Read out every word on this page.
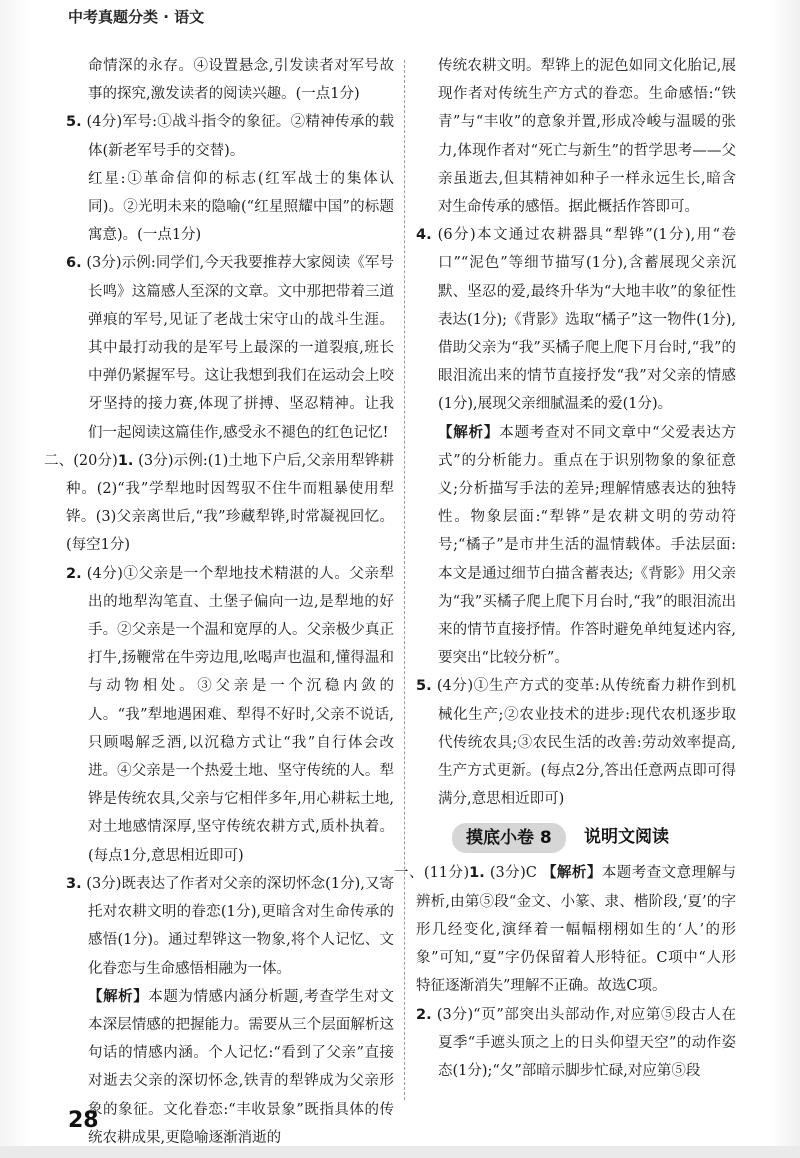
中考真题分类 · 语文

命情深的永存。④设置悬念,引发读者对军号故事的探究,激发读者的阅读兴趣。(一点1分)

5. (4分)军号:①战斗指令的象征。②精神传承的载体(新老军号手的交替)。

红星:①革命信仰的标志(红军战士的集体认同)。②光明未来的隐喻(“红星照耀中国”的标题寓意)。(一点1分)

6. (3分)示例:同学们,今天我要推荐大家阅读《军号长鸣》这篇感人至深的文章。文中那把带着三道弹痕的军号,见证了老战士宋守山的战斗生涯。其中最打动我的是军号上最深的一道裂痕,班长中弹仍紧握军号。这让我想到我们在运动会上咬牙坚持的接力赛,体现了拼搏、坚忍精神。让我们一起阅读这篇佳作,感受永不褪色的红色记忆!

二、(20分)1. (3分)示例:(1)土地下户后,父亲用犁铧耕种。(2)“我”学犁地时因驾驭不住牛而粗暴使用犁铧。(3)父亲离世后,“我”珍藏犁铧,时常凝视回忆。(每空1分)

2. (4分)①父亲是一个犁地技术精湛的人。父亲犁出的地犁沟笔直、土堡子偏向一边,是犁地的好手。②父亲是一个温和宽厚的人。父亲极少真正打牛,扬鞭常在牛旁边甩,吆喝声也温和,懂得温和与动物相处。③父亲是一个沉稳内敛的人。“我”犁地遇困难、犁得不好时,父亲不说话,只顾喝解乏酒,以沉稳方式让“我”自行体会改进。④父亲是一个热爱土地、坚守传统的人。犁铧是传统农具,父亲与它相伴多年,用心耕耘土地,对土地感情深厚,坚守传统农耕方式,质朴执着。(每点1分,意思相近即可)

3. (3分)既表达了作者对父亲的深切怀念(1分),又寄托对农耕文明的眷恋(1分),更暗含对生命传承的感悟(1分)。通过犁铧这一物象,将个人记忆、文化眷恋与生命感悟相融为一体。

【解析】本题为情感内涵分析题,考查学生对文本深层情感的把握能力。需要从三个层面解析这句话的情感内涵。个人记忆:“看到了父亲”直接对逝去父亲的深切怀念,铁青的犁铧成为父亲形象的象征。文化眷恋:“丰收景象”既指具体的传统农耕成果,更隐喻逐渐消逝的

传统农耕文明。犁铧上的泥色如同文化胎记,展现作者对传统生产方式的眷恋。生命感悟:“铁青”与“丰收”的意象并置,形成冷峻与温暖的张力,体现作者对“死亡与新生”的哲学思考——父亲虽逝去,但其精神如种子一样永远生长,暗含对生命传承的感悟。据此概括作答即可。

4. (6分)本文通过农耕器具“犁铧”(1分),用“卷口”“泥色”等细节描写(1分),含蓄展现父亲沉默、坚忍的爱,最终升华为“大地丰收”的象征性表达(1分);《背影》选取“橘子”这一物件(1分),借助父亲为“我”买橘子爬上爬下月台时,“我”的眼泪流出来的情节直接抒发“我”对父亲的情感(1分),展现父亲细腻温柔的爱(1分)。

【解析】本题考查对不同文章中“父爱表达方式”的分析能力。重点在于识别物象的象征意义;分析描写手法的差异;理解情感表达的独特性。物象层面:“犁铧”是农耕文明的劳动符号;“橘子”是市井生活的温情载体。手法层面:本文是通过细节白描含蓄表达;《背影》用父亲为“我”买橘子爬上爬下月台时,“我”的眼泪流出来的情节直接抒情。作答时避免单纯复述内容,要突出“比较分析”。

5. (4分)①生产方式的变革:从传统畜力耕作到机械化生产;②农业技术的进步:现代农机逐步取代传统农具;③农民生活的改善:劳动效率提高,生产方式更新。(每点2分,答出任意两点即可得满分,意思相近即可)

摸底小卷 8	说明文阅读

一、(11分)1. (3分)C 【解析】本题考查文意理解与辨析,由第⑤段“金文、小篆、隶、楷阶段,‘夏’的字形几经变化,演绎着一幅幅栩栩如生的‘人’的形象”可知,“夏”字仍保留着人形特征。C项中“人形特征逐渐消失”理解不正确。故选C项。

2. (3分)“页”部突出头部动作,对应第⑤段古人在夏季“手遮头顶之上的日头仰望天空”的动作姿态(1分);“夂”部暗示脚步忙碌,对应第⑤段

28
